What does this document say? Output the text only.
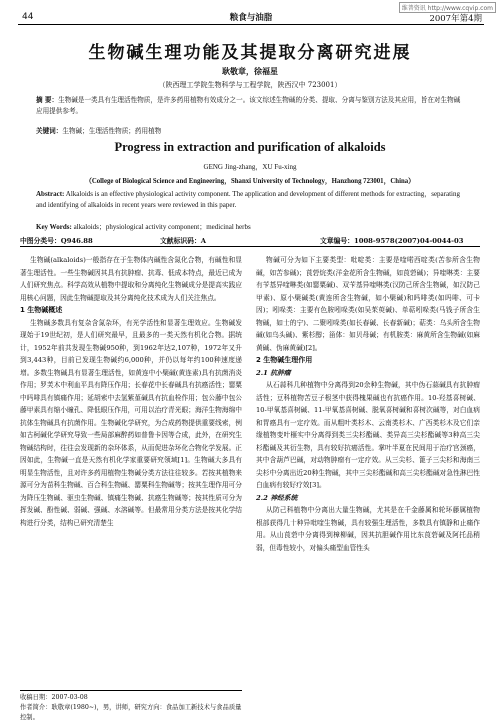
维普资讯 http://www.cqvip.com
44	粮食与油脂	2007年第4期
生物碱生理功能及其提取分离研究进展
耿敬章，徐福星
（陕西理工学院生物科学与工程学院，陕西汉中 723001）
摘 要：生物碱是一类具有生理活性物质，是许多药用植物有效成分之一。该文综述生物碱的分类、提取、分离与鉴别方法及其应用，旨在对生物碱应用提供参考。
关键词：生物碱；生理活性物质；药用植物
Progress in extraction and purification of alkaloids
GENG Jing-zhang，XU Fu-xing
（College of Biological Science and Engineering，Shanxi University of Technology，Hanzhong 723001，China）
Abstract: Alkaloids is an effective physiological activity component. The application and development of different methods for extracting，separating and identifying of alkaloids in recent years were reviewed in this paper.
Key Words: alkaloids；physiological activity component；medicinal herbs
中图分类号：Q946.88	文献标识码：A	文章编号：1008-9578(2007)04-0044-03

生物碱(alkaloids)一般指存在于生物体内碱性含氮化合物，有碱性和显著生理活性。一些生物碱因其具有抗肿瘤、抗毒、低成本特点，最近已成为人们研究焦点。科学高效从植物中提取和分离纯化生物碱成分是提高实践应用核心问题，因此生物碱提取及其分离纯化技术成为人们关注焦点。

1 生物碱概述

生物碱多数具有复杂含氮杂环，有光学活性和显著生理效应。生物碱发现始于19世纪初，是人们研究最早，且最多的一类天然有机化合物。据统计，1952年前共发现生物碱950种，到1962年达2,107种，1972年又升到3,443种，目前已发现生物碱约6,000种，并仍以每年约100种速度递增。多数生物碱具有显著生理活性，如黄连中小檗碱(黄连素)具有抗菌消炎作用；罗芙木中利血平具有降压作用；长春花中长春碱具有抗癌活性；罂粟中吗啡具有镇痛作用；延胡索中去氢紫堇碱具有抗血栓作用；包公藤中包公藤甲素具有缩小瞳孔、降低眼压作用，可用以治疗青光眼；海洋生物海绵中抗体生物碱具有抗菌作用。生物碱化学研究，为合成药物提供重要线索，例如古柯碱化学研究导致一些局部麻醉药如普鲁卡因等合成，此外，在研究生物碱结构时，往往会发现新的杂环体系，从而促进杂环化合物化学发展。正因如此，生物碱一直是天然有机化学家重要研究领域[1]。生物碱大多具有明显生物活性，且对许多药用植物生物碱分类方法往往较多。若按其植物来源可分为苗科生物碱、百合科生物碱、罂粟科生物碱等；按其生理作用可分为降压生物碱、驱虫生物碱、镇痛生物碱、抗癌生物碱等；按其性质可分为挥发碱、酚性碱、弱碱、强碱、水溶碱等。但最常用分类方法是按其化学结构进行分类，结构已研究清楚生

物碱可分为如下主要类型：吡啶类：主要是喹喏西啶类(苦参所含生物碱，如苦参碱)；莨菪烷类(洋金花所含生物碱，如莨菪碱)；异喹啉类：主要有苄基异喹啉类(如罂粟碱)、双苄基异喹啉类(汉防己所含生物碱，如汉防己甲素)、原小檗碱类(黄连所含生物碱，如小檗碱)和吗啡类(如吗啡、可卡因)；吲哚类：主要有色胺吲哚类(如吴茱萸碱)、单萜吲哚类(马钱子所含生物碱，如士的宁)、二聚吲哚类(如长春碱、长春新碱)；萜类：乌头所含生物碱(如乌头碱)、紫杉醇；甾体：如贝母碱；有机胺类：麻黄所含生物碱(如麻黄碱、伪麻黄碱)[2]。

2 生物碱生理作用
2.1 抗肿瘤

从石蒜科几种植物中分离得到20余种生物碱，其中伪石蒜碱具有抗肿瘤活性；豆科植物苦豆子根茎中获得槐果碱也有抗癌作用。10-羟基喜树碱、10-甲氧基喜树碱、11-甲氧基喜树碱、脱氧喜树碱和喜树次碱等，对白血病和胃癌具有一定疗效。而从粗叶类杉木、云南类杉木、广西类杉木及它们亲缘植物变叶榧实中分离得到类三尖杉酯碱、类异高三尖杉酯碱等3种高三尖杉酯碱及其衍生物，具有较好抗癌活性。掌叶半夏在民间用于治疗宫颈癌，其中含葫芦巴碱，对动物肿瘤有一定疗效。从三尖杉、篦子三尖杉和海南三尖杉中分离出近20种生物碱，其中三尖杉酯碱和高三尖杉酯碱对急性淋巴性白血病有较好疗效[3]。

2.2 神经系统

从防己科植物中分离出大量生物碱，尤其是在千金藤属和轮环藤属植物根部获得几十种异吡喹生物碱，具有较强生理活性，多数具有镇静和止痛作用。从山莨菪中分离得到樟柳碱，因其抗胆碱作用比东莨菪碱及阿托品稍弱，但毒性较小，对偏头痛型血管性头

收稿日期：2007-03-08
作者简介：耿敬章(1980~)，男，讲师，研究方向：食品加工新技术与食品质量控制。
